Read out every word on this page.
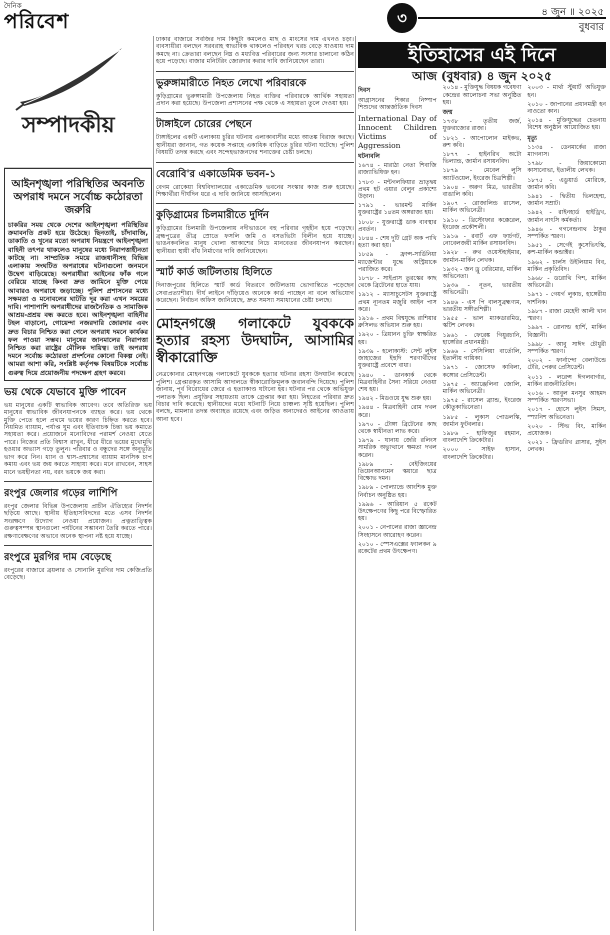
দৈনিক
পরিবেশ	৩	৪ জুন ॥ ২০২৫
বুধবার
সম্পাদকীয়
আইনশৃঙ্খলা পরিস্থিতির অবনতি অপরাধ দমনে সর্বোচ্চ কঠোরতা জরুরি
চাকরির সময় থেকে দেশের আইনশৃঙ্খলা পরিস্থিতির ক্রমাবনতি প্রকট হয়ে উঠেছে। ছিনতাই, চাঁদাবাজি, ডাকাতি ও খুনের মতো অপরাধ নিয়ন্ত্রণে আইনশৃঙ্খলা বাহিনী তৎপর থাকলেও মানুষের মধ্যে নিরাপত্তাহীনতা কাটছে না। সাম্প্রতিক সময়ে রাজধানীসহ বিভিন্ন এলাকায় সংঘটিত অপরাধের ঘটনাগুলো জনমনে উদ্বেগ বাড়িয়েছে। অপরাধীরা আইনের ফাঁক গলে বেরিয়ে যাচ্ছে কিংবা দ্রুত জামিনে মুক্তি পেয়ে আবারও অপরাধে জড়াচ্ছে। পুলিশ প্রশাসনের মধ্যে সক্ষমতা ও মনোবলের ঘাটতি দূর করা এখন সময়ের দাবি। পাশাপাশি অপরাধীদের রাজনৈতিক ও সামাজিক আশ্রয়-প্রশ্রয় বন্ধ করতে হবে। আইনশৃঙ্খলা বাহিনীর টহল বাড়ানো, গোয়েন্দা নজরদারি জোরদার এবং দ্রুত বিচার নিশ্চিত করা গেলে অপরাধ দমনে কার্যকর ফল পাওয়া সম্ভব। মানুষের জানমালের নিরাপত্তা নিশ্চিত করা রাষ্ট্রের মৌলিক দায়িত্ব। তাই অপরাধ দমনে সর্বোচ্চ কঠোরতা প্রদর্শনের কোনো বিকল্প নেই। আমরা আশা করি, সংশ্লিষ্ট কর্তৃপক্ষ বিষয়টিকে সর্বোচ্চ গুরুত্ব দিয়ে প্রয়োজনীয় পদক্ষেপ গ্রহণ করবে।
ভয় থেকে যেভাবে মুক্তি পাবেন

ভয় মানুষের একটি স্বাভাবিক আবেগ। তবে অতিরিক্ত ভয় মানুষের স্বাভাবিক জীবনযাপনকে ব্যাহত করে। ভয় থেকে মুক্তি পেতে হলে প্রথমে ভয়ের কারণ চিহ্নিত করতে হবে। নিয়মিত ব্যায়াম, পর্যাপ্ত ঘুম এবং ইতিবাচক চিন্তা ভয় কমাতে সহায়তা করে। প্রয়োজনে মনোবিদের পরামর্শ নেওয়া যেতে পারে। নিজের প্রতি বিশ্বাস রাখুন, ধীরে ধীরে ভয়ের মুখোমুখি হওয়ার অভ্যাস গড়ে তুলুন। পরিবার ও বন্ধুদের সঙ্গে অনুভূতি ভাগ করে নিন। ধ্যান ও শ্বাস-প্রশ্বাসের ব্যায়াম মানসিক চাপ কমায় এবং ভয় জয় করতে সাহায্য করে। মনে রাখবেন, সাহস মানে ভয়হীনতা নয়, বরং ভয়কে জয় করা।

রংপুর জেলার গড়ের লাশিপি

রংপুর জেলার বিভিন্ন উপজেলায় প্রাচীন ঐতিহ্যের নিদর্শন ছড়িয়ে আছে। স্থানীয় ইতিহাসবিদদের মতে এসব নিদর্শন সংরক্ষণে উদ্যোগ নেওয়া প্রয়োজন। প্রত্নতাত্ত্বিক গুরুত্বসম্পন্ন স্থানগুলো পর্যটনের সম্ভাবনা তৈরি করতে পারে। রক্ষণাবেক্ষণের অভাবে অনেক স্থাপনা নষ্ট হয়ে যাচ্ছে।

রংপুরে মুরগির দাম বেড়েছে

রংপুরের বাজারে ব্রয়লার ও সোনালি মুরগির দাম কেজিপ্রতি বেড়েছে।

ঢাকার বাজারে সবজির দাম কিছুটা কমলেও মাছ ও মাংসের দাম এখনও চড়া। ব্যবসায়ীরা বলছেন সরবরাহ স্বাভাবিক থাকলেও পরিবহন খরচ বেড়ে যাওয়ায় দাম কমছে না। ক্রেতারা বলছেন নিম্ন ও মধ্যবিত্ত পরিবারের জন্য সংসার চালানো কঠিন হয়ে পড়েছে। বাজার মনিটরিং জোরদার করার দাবি জানিয়েছেন তারা।

ভুরুঙ্গামারীতে নিহত লেখো পরিবারকে

কুড়িগ্রামের ভুরুঙ্গামারী উপজেলায় নিহত ব্যক্তির পরিবারকে আর্থিক সহায়তা প্রদান করা হয়েছে। উপজেলা প্রশাসনের পক্ষ থেকে এ সহায়তা তুলে দেওয়া হয়।

টাঙ্গাইলে চোরের পেছনে

টাঙ্গাইলের একটি এলাকায় চুরির ঘটনায় এলাকাবাসীর মধ্যে আতঙ্ক বিরাজ করছে। স্থানীয়রা জানান, গত কয়েক সপ্তাহে একাধিক বাড়িতে চুরির ঘটনা ঘটেছে। পুলিশ বিষয়টি তদন্ত করছে এবং সন্দেহভাজনদের শনাক্তের চেষ্টা চলছে।

বেরোবি'র একাডেমিক ভবন-১

বেগম রোকেয়া বিশ্ববিদ্যালয়ের একাডেমিক ভবনের সংস্কার কাজ শুরু হয়েছে। শিক্ষার্থীরা দীর্ঘদিন ধরে এ দাবি জানিয়ে আসছিলেন।

কুড়িগ্রামের চিলমারীতে দুর্দিন

কুড়িগ্রামের চিলমারী উপজেলায় নদীভাঙনে বহু পরিবার গৃহহীন হয়ে পড়েছে। ব্রহ্মপুত্রের তীব্র স্রোতে ফসলি জমি ও বসতভিটা বিলীন হয়ে যাচ্ছে। ভাঙনকবলিত মানুষ খোলা আকাশের নিচে মানবেতর জীবনযাপন করছেন। স্থানীয়রা স্থায়ী বাঁধ নির্মাণের দাবি জানিয়েছেন।

স্মার্ট কার্ড জটিলতায় হিলিতে

দিনাজপুরের হিলিতে স্মার্ট কার্ড বিতরণে জটিলতায় ভোগান্তিতে পড়েছেন সেবাপ্রত্যাশীরা। দীর্ঘ লাইনে দাঁড়িয়েও অনেকে কার্ড পাচ্ছেন না বলে অভিযোগ করেছেন। নির্বাচন অফিস জানিয়েছে, দ্রুত সমস্যা সমাধানের চেষ্টা চলছে।

মোহনগঞ্জে গলাকেটে যুবককে হত্যার রহস্য উদঘাটন, আসামির স্বীকারোক্তি

নেত্রকোনার মোহনগঞ্জে গলাকেটে যুবককে হত্যার ঘটনার রহস্য উদঘাটন করেছে পুলিশ। গ্রেপ্তারকৃত আসামি আদালতে স্বীকারোক্তিমূলক জবানবন্দি দিয়েছে। পুলিশ জানায়, পূর্ব বিরোধের জেরে এ হত্যাকাণ্ড ঘটানো হয়। ঘটনার পর থেকে অভিযুক্ত পলাতক ছিল। প্রযুক্তির সহায়তায় তাকে গ্রেপ্তার করা হয়। নিহতের পরিবার দ্রুত বিচার দাবি করেছে। স্থানীয়দের মধ্যে ঘটনাটি নিয়ে চাঞ্চল্য সৃষ্টি হয়েছিল। পুলিশ বলছে, মামলার তদন্ত অব্যাহত রয়েছে এবং জড়িত অন্যদেরও আইনের আওতায় আনা হবে।

ইতিহাসের এই দিনে
আজ (বুধবার) ৪ জুন ২০২৫
দিবস
আগ্রাসনের শিকার নিষ্পাপ শিশুদের আন্তর্জাতিক দিবস
International Day of Innocent Children Victims of Aggression
ঘটনাবলি
১৬৭৪ - মারাঠা নেতা শিবাজি রাজ্যাভিষিক্ত হন।
১৭৮৩ - মন্টগলফিয়ার ভ্রাতৃদ্বয় প্রথম হট এয়ার বেলুন প্রকাশ্যে উড়ান।
১৭৯১ - ভারমন্ট মার্কিন যুক্তরাষ্ট্রের ১৪তম অঙ্গরাজ্য হয়।
১৮০৮ - যুক্তরাষ্ট্রে ডাক ব্যবস্থার প্রবর্তন।
১৮৪৪ - শেষ দুটি গ্রেট অক পাখি হত্যা করা হয়।
১৮৫৯ - ফ্রান্স-সার্ডিনিয়া ম্যাজেন্টার যুদ্ধে অস্ট্রিয়াকে পরাজিত করে।
১৮৭৮ - সাইপ্রাস তুরস্কের কাছ থেকে ব্রিটেনের হাতে যায়।
১৯১২ - ম্যাসাচুসেটস যুক্তরাষ্ট্রে প্রথম ন্যূনতম মজুরি আইন পাস করে।
১৯১৬ - প্রথম বিশ্বযুদ্ধে রাশিয়ার ব্রুসিলভ অভিযান শুরু হয়।
১৯২০ - ত্রিয়ানন চুক্তি স্বাক্ষরিত হয়।
১৯৩৯ - হলোকাস্ট: সেন্ট লুইস জাহাজের ইহুদি শরণার্থীদের যুক্তরাষ্ট্রে প্রবেশে বাধা।
১৯৪০ - ডানকার্ক থেকে মিত্রবাহিনীর সৈন্য সরিয়ে নেওয়া শেষ হয়।
১৯৪২ - মিডওয়ে যুদ্ধ শুরু হয়।
১৯৪৪ - মিত্রবাহিনী রোম দখল করে।
১৯৭০ - টোঙ্গা ব্রিটেনের কাছ থেকে স্বাধীনতা লাভ করে।
১৯৭৯ - ঘানায় জেরি রলিংস সামরিক অভ্যুত্থানে ক্ষমতা দখল করেন।
১৯৮৯ - বেইজিংয়ের তিয়েনআনমেন স্কয়ারে ছাত্র বিক্ষোভ দমন।
১৯৮৯ - পোল্যান্ডে আংশিক মুক্ত নির্বাচন অনুষ্ঠিত হয়।
১৯৯৬ - আরিয়ান ৫ রকেট উৎক্ষেপণের কিছু পরে বিস্ফোরিত হয়।
২০০১ - নেপালের রাজা জ্ঞানেন্দ্র সিংহাসনে আরোহণ করেন।
২০১০ - স্পেসএক্সের ফ্যালকন ৯ রকেটের প্রথম উৎক্ষেপণ।
২০১৪ - মুক্তিযুদ্ধ বিষয়ক গবেষণা কেন্দ্রের আলোচনা সভা অনুষ্ঠিত হয়।
জন্ম
১৭৩৮ - তৃতীয় জর্জ, যুক্তরাজ্যের রাজা।
১৮২১ - আপোলোন মাইকভ, রুশ কবি।
১৮৭৭ - হাইনরিখ অটো ভিল্যান্ড, জার্মান রসায়নবিদ।
১৮৭৯ - মেবেল লুসি অ্যাটওয়েল, ইংরেজ চিত্রশিল্পী।
১৯০৪ - অরুণ মিত্র, ভারতীয় বাঙালি কবি।
১৯০৭ - রোজালিন্ড রাসেল, মার্কিন অভিনেত্রী।
১৯১০ - খ্রিস্টোফার কক্কেরেল, ইংরেজ প্রকৌশলী।
১৯১৬ - রবার্ট এফ ফার্চগট, নোবেলজয়ী মার্কিন রসায়নবিদ।
১৯২৮ - রুথ ওয়েস্টহাইমার, জার্মান-মার্কিন লেখক।
১৯৩২ - জন ড্রু বেরিমোর, মার্কিন অভিনেতা।
১৯৩৬ - নূতন, ভারতীয় অভিনেত্রী।
১৯৪৬ - এস পি বালসুব্রহ্মণ্যম, ভারতীয় সঙ্গীতশিল্পী।
১৯৫৫ - ভাল ম্যাকডারমিড, স্কটিশ লেখক।
১৯৬১ - ফেরেঙ্ক গিয়ুরচানি, হাঙ্গেরির প্রধানমন্ত্রী।
১৯৬৬ - সেসিলিয়া বার্তোলি, ইতালীয় গায়িকা।
১৯৭১ - জোসেফ কাবিলা, কঙ্গোর প্রেসিডেন্ট।
১৯৭৫ - অ্যাঞ্জেলিনা জোলি, মার্কিন অভিনেত্রী।
১৯৭৫ - রাসেল ব্র্যান্ড, ইংরেজ কৌতুকাভিনেতা।
১৯৮৫ - লুকাস পোডলস্কি, জার্মান ফুটবলার।
১৯৮৬ - হাফিজুর রহমান, বাংলাদেশি ক্রিকেটার।
২০০০ - সাইফ হাসান, বাংলাদেশি ক্রিকেটার।
২০০৩ - মার্থা স্টুয়ার্ট অভিযুক্ত হন।
২০১০ - জাপানের প্রধানমন্ত্রী হন নাওতো কান।
২০১৪ - মুক্তিযুদ্ধের চেতনায় বিশেষ অনুষ্ঠান আয়োজিত হয়।
মৃত্যু
১১৩৪ - ডেনমার্কের রাজা ম্যাগনাস।
১৭৯৮ - জিয়াকোমো কাসানোভা, ইতালীয় লেখক।
১৮৭৫ - এডুয়ার্ড মোরিকে, জার্মান কবি।
১৯৪১ - দ্বিতীয় ভিলহেল্ম, জার্মান সম্রাট।
১৯৪২ - রাইনহার্ড হাইড্রিখ, জার্মান নাৎসি কর্মকর্তা।
১৯৪৬ - গগনেন্দ্রনাথ ঠাকুর সম্পর্কিত স্মরণ।
১৯৫১ - সের্গেই কুসেভিৎস্কি, রুশ-মার্কিন কন্ডাক্টর।
১৯৬২ - চার্লস উইলিয়াম বিব, মার্কিন প্রকৃতিবিদ।
১৯৬৮ - ডরোথি গিশ, মার্কিন অভিনেত্রী।
১৯৭১ - গেয়র্গ লুকাচ, হাঙ্গেরীয় দার্শনিক।
১৯৮৭ - রাজা মেহেদী আলী খান স্মরণ।
১৯৯৭ - রোনাল্ড হার্শি, মার্কিন বিজ্ঞানী।
১৯৯৮ - আবু সাঈদ চৌধুরী সম্পর্কিত স্মরণ।
২০০২ - ফার্নান্দো বেলাউন্ডে টেরি, পেরুর প্রেসিডেন্ট।
২০১১ - লরেন্স ঈগলবার্গার, মার্কিন রাজনীতিবিদ।
২০১৬ - আবুল মনসুর আহমদ সম্পর্কিত স্মরণসভা।
২০১৭ - হোসে লুইস সিমস, স্প্যানিশ অভিনেতা।
২০২০ - স্টিভ বিং, মার্কিন প্রযোজক।
২০২১ - ফ্রিডরিখ গ্লাসার, সুইস লেখক।
